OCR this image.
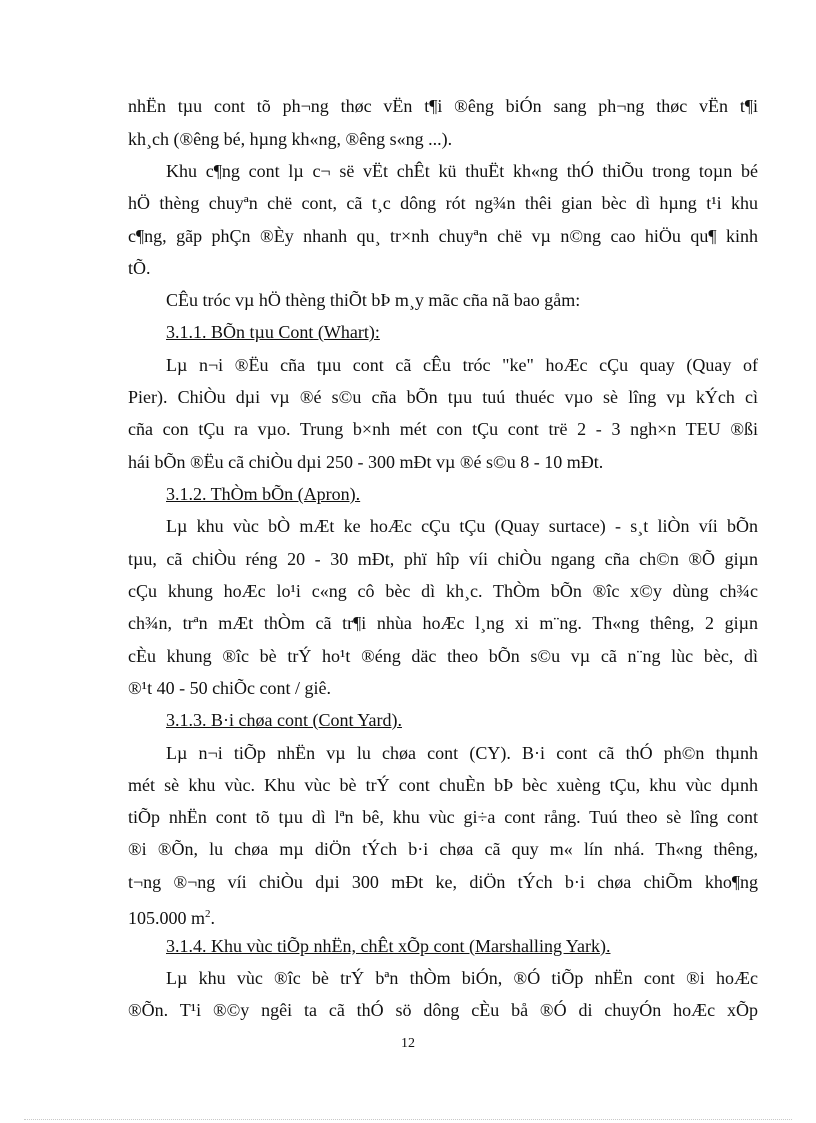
nhËn tµu cont tõ ph¬ng thøc vËn t¶i ®êng biÓn sang ph¬ng thøc vËn t¶i
kh¸ch (®êng bé, hµng kh«ng, ®êng s«ng ...).
Khu c¶ng cont lµ c¬ së vËt chÊt kü thuËt kh«ng thÓ thiÕu trong toµn bé
hÖ thèng chuyªn chë cont, cã t¸c dông rót ng¾n thêi gian bèc dì hµng t¹i khu
c¶ng, gãp phÇn ®Èy nhanh qu¸ tr×nh chuyªn chë vµ n©ng cao hiÖu qu¶ kinh
tÕ.
CÊu tróc vµ hÖ thèng thiÕt bÞ m¸y mãc cña nã bao gåm:
3.1.1. BÕn tµu Cont (Whart):
Lµ n¬i ®Ëu cña tµu cont cã cÊu tróc "ke" hoÆc cÇu quay (Quay of
Pier). ChiÒu dµi vµ ®é s©u cña bÕn tµu tuú thuéc vµo sè lîng vµ kÝch cì
cña con tÇu ra vµo. Trung b×nh mét con tÇu cont trë 2 - 3 ngh×n TEU ®ßi
hái bÕn ®Ëu cã chiÒu dµi 250 - 300 mÐt vµ ®é s©u 8 - 10 mÐt.
3.1.2. ThÒm bÕn (Apron).
Lµ khu vùc bÒ mÆt ke hoÆc cÇu tÇu (Quay surtace) - s¸t liÒn víi bÕn
tµu, cã chiÒu réng 20 - 30 mÐt, phï hîp víi chiÒu ngang cña ch©n ®Õ giµn
cÇu khung hoÆc lo¹i c«ng cô bèc dì kh¸c. ThÒm bÕn ®îc x©y dùng ch¾c
ch¾n, trªn mÆt thÒm cã tr¶i nhùa hoÆc l¸ng xi m¨ng. Th«ng thêng, 2 giµn
cÈu khung ®îc bè trÝ ho¹t ®éng däc theo bÕn s©u vµ cã n¨ng lùc bèc, dì
®¹t 40 - 50 chiÕc cont / giê.
3.1.3. B·i chøa cont (Cont Yard).
Lµ n¬i tiÕp nhËn vµ lu chøa cont (CY). B·i cont cã thÓ ph©n thµnh
mét sè khu vùc. Khu vùc bè trÝ cont chuÈn bÞ bèc xuèng tÇu, khu vùc dµnh
tiÕp nhËn cont tõ tµu dì lªn bê, khu vùc gi÷a cont rång. Tuú theo sè lîng cont
®i ®Õn, lu chøa mµ diÖn tÝch b·i chøa cã quy m« lín nhá. Th«ng thêng,
t¬ng ®¬ng víi chiÒu dµi 300 mÐt ke, diÖn tÝch b·i chøa chiÕm kho¶ng
105.000 $m^2$.
3.1.4. Khu vùc tiÕp nhËn, chÊt xÕp cont (Marshalling Yark).
Lµ khu vùc ®îc bè trÝ bªn thÒm biÓn, ®Ó tiÕp nhËn cont ®i hoÆc
®Õn. T¹i ®©y ngêi ta cã thÓ sö dông cÈu bå ®Ó di chuyÓn hoÆc xÕp
12
